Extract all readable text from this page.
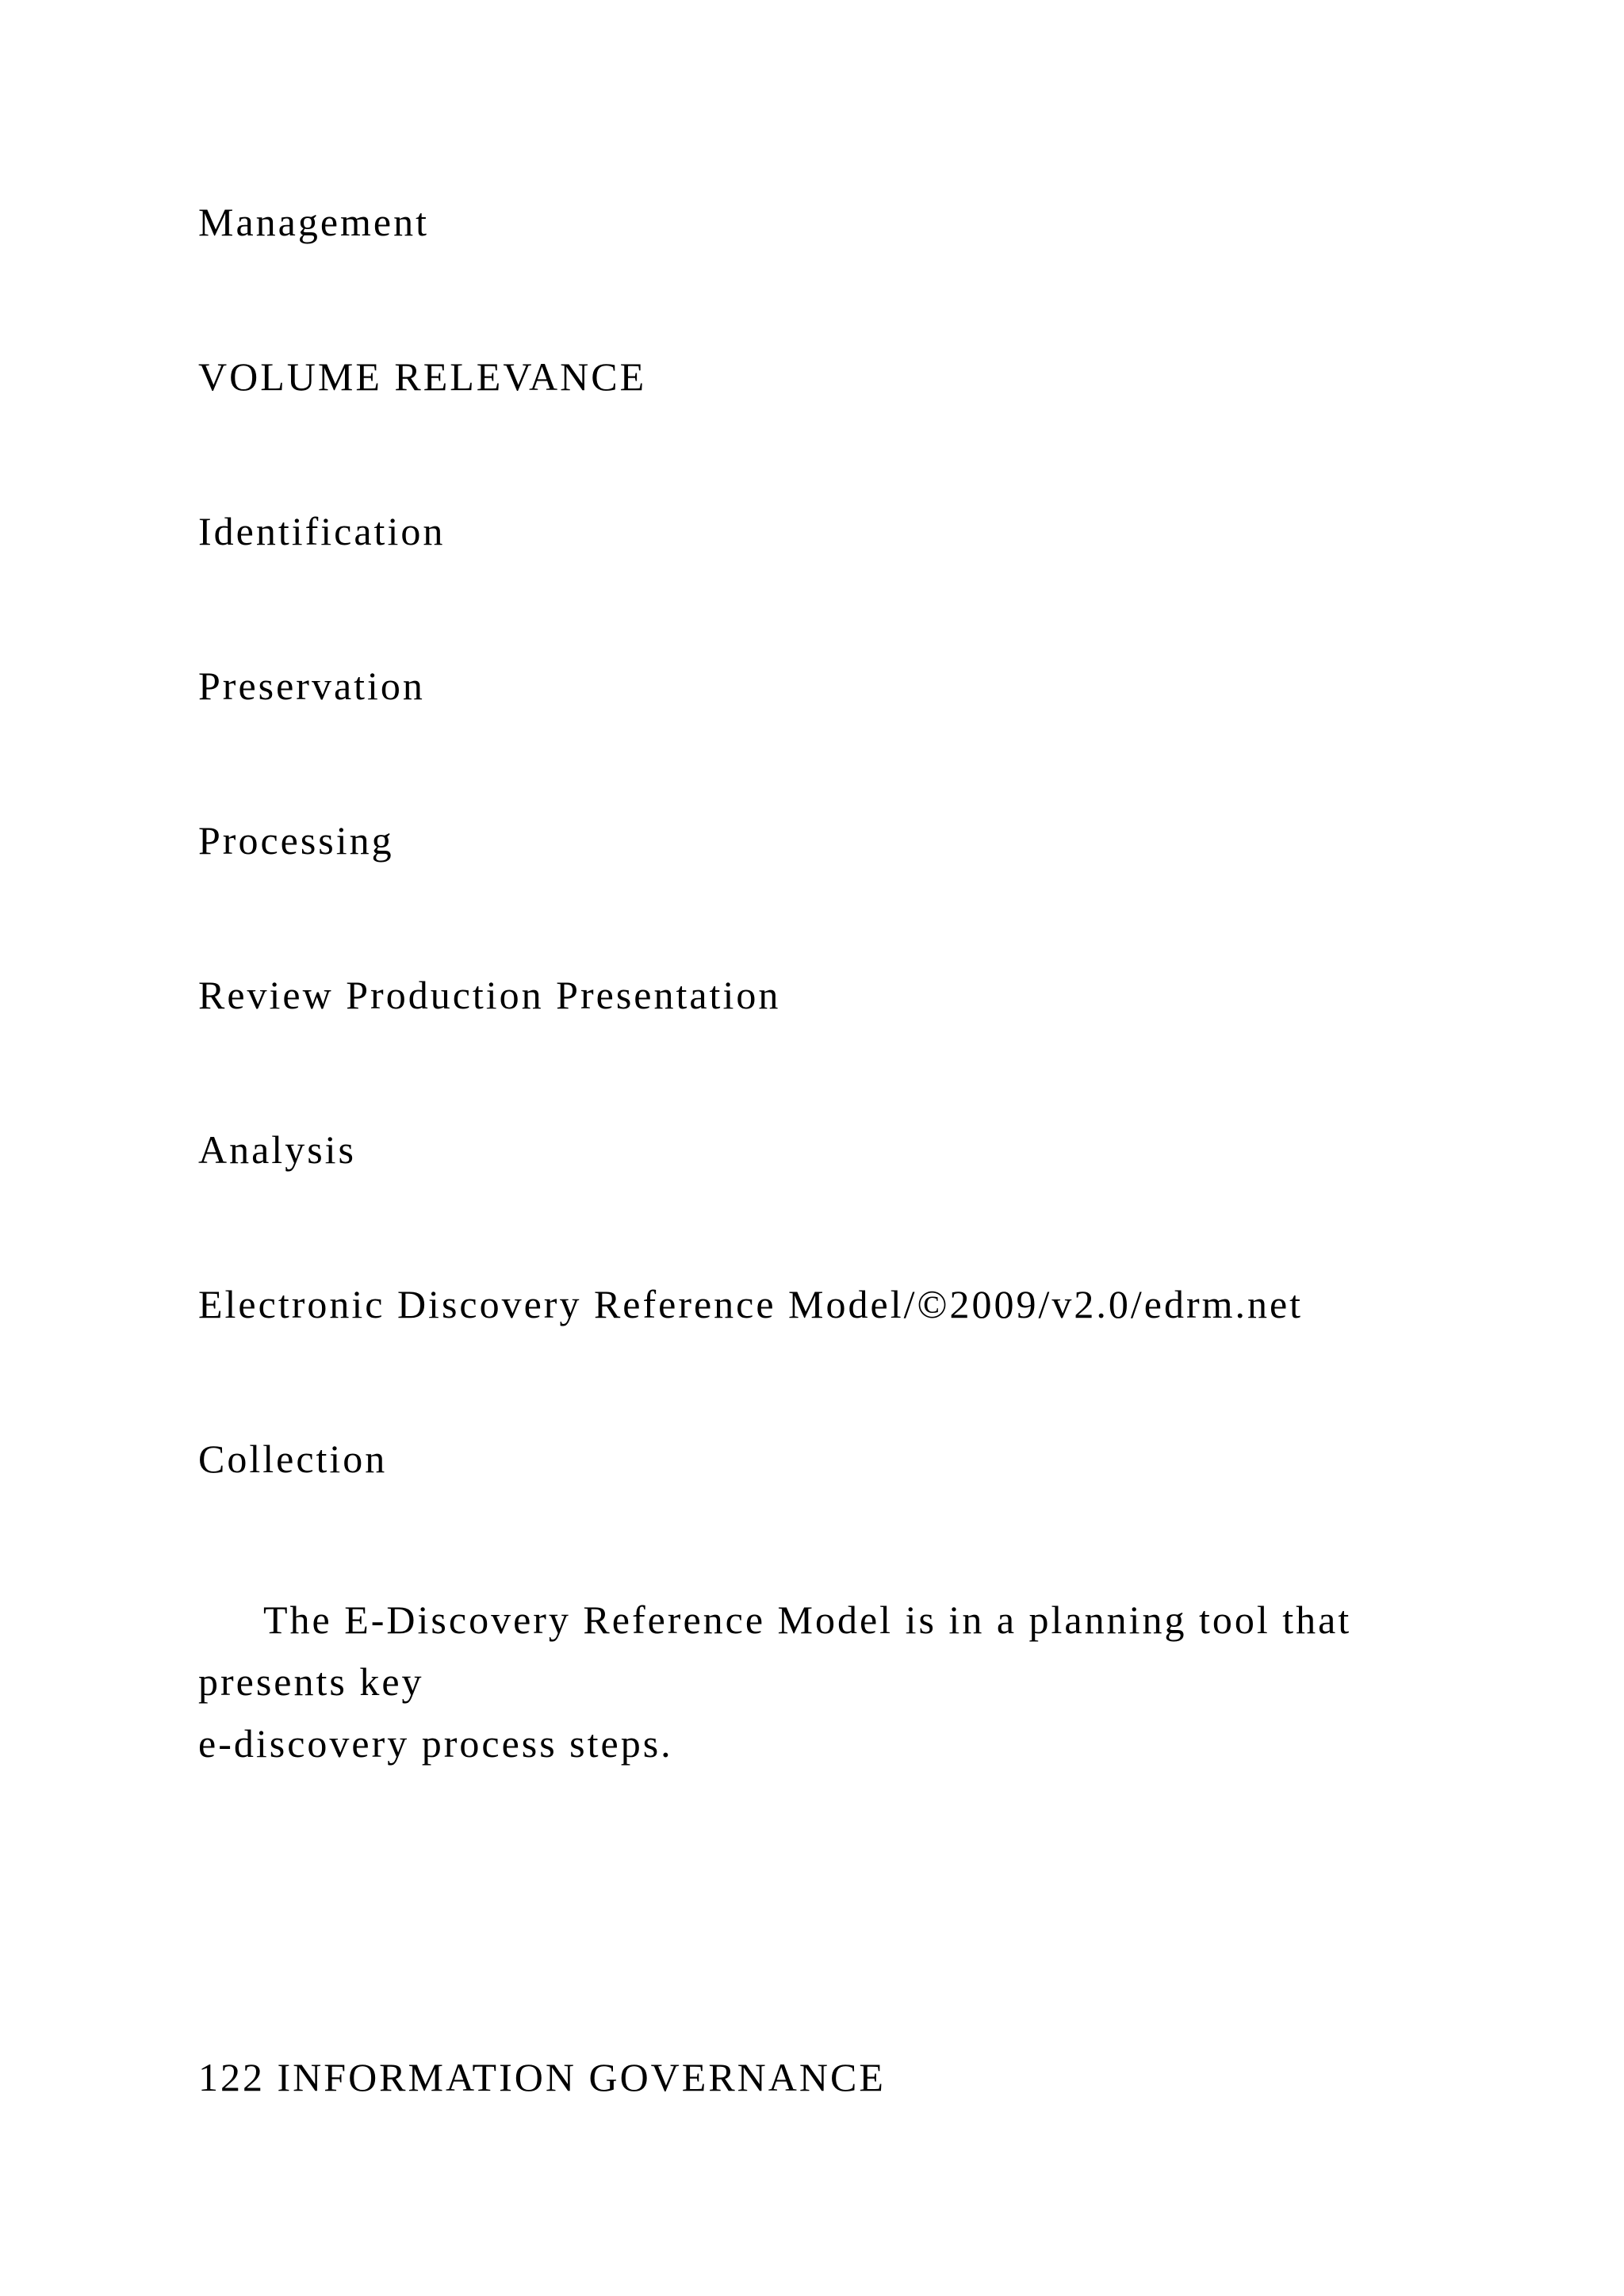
Management
VOLUME RELEVANCE
Identification
Preservation
Processing
Review Production Presentation
Analysis
Electronic Discovery Reference Model/©2009/v2.0/edrm.net
Collection
The E-Discovery Reference Model is in a planning tool that
presents key
e-discovery process steps.
122 INFORMATION GOVERNANCE
